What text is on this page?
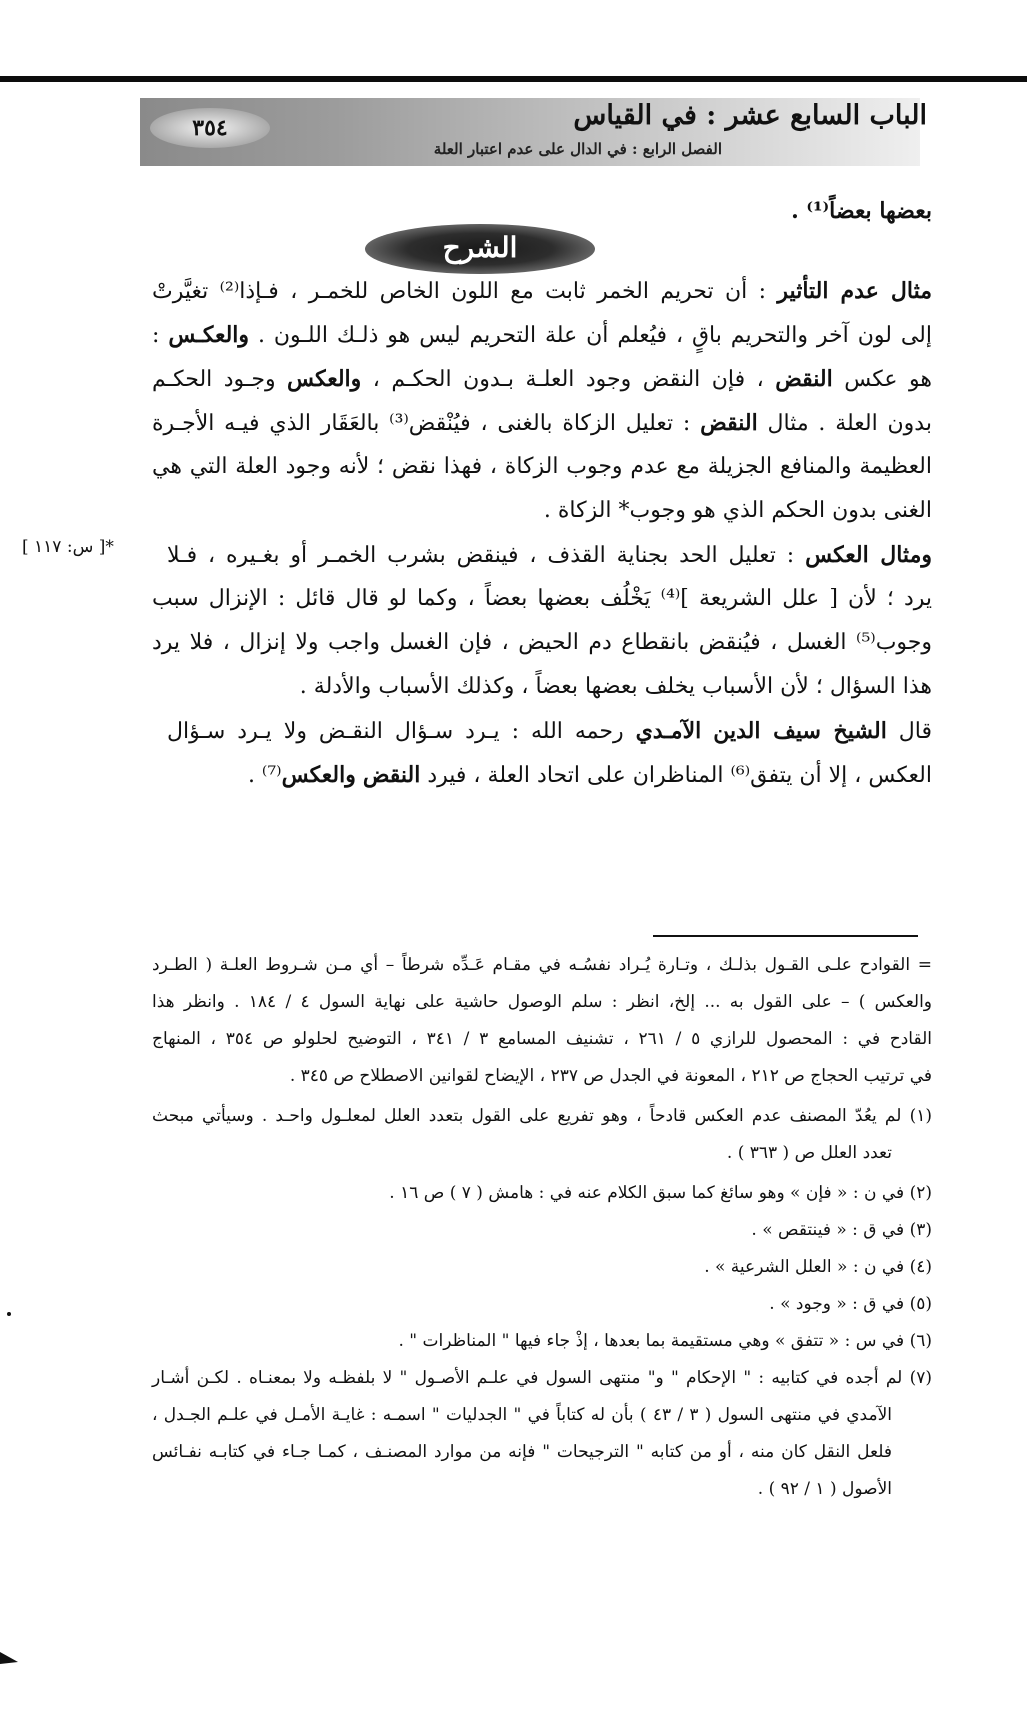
٣٥٤	الباب السابع عشر : في القياس
الفصل الرابع : في الدال على عدم اعتبار العلة
بعضها بعضاً⁽¹⁾ .
الشرح
مثال عدم التأثير : أن تحريم الخمر ثابت مع اللون الخاص للخمـر ، فـإذا⁽²⁾ تغيَّرتْ
إلى لون آخر والتحريم باقٍ ، فيُعلم أن علة التحريم ليس هو ذلـك اللـون . والعكـس :
هو عكس النقض ، فإن النقض وجود العلـة بـدون الحكـم ، والعكس وجـود الحكـم
بدون العلة . مثال النقض : تعليل الزكاة بالغنى ، فيُنْقض⁽³⁾ بالعَقَار الذي فيـه الأجـرة
العظيمة والمنافع الجزيلة مع عدم وجوب الزكاة ، فهذا نقض ؛ لأنه وجود العلة التي هي
الغنى بدون الحكم الذي هو وجوب* الزكاة .
ومثال العكس : تعليل الحد بجناية القذف ، فينقض بشرب الخمـر أو بغـيره ، فـلا
يرد ؛ لأن [ علل الشريعة ]⁽⁴⁾ يَخْلُف بعضها بعضاً ، وكما لو قال قائل : الإنزال سبب
وجوب⁽⁵⁾ الغسل ، فيُنقض بانقطاع دم الحيض ، فإن الغسل واجب ولا إنزال ، فلا يرد
هذا السؤال ؛ لأن الأسباب يخلف بعضها بعضاً ، وكذلك الأسباب والأدلة .
قال الشيخ سيف الدين الآمـدي رحمه الله : يـرد سـؤال النقـض ولا يـرد سـؤال
العكس ، إلا أن يتفق⁽⁶⁾ المناظران على اتحاد العلة ، فيرد النقض والعكس⁽⁷⁾ .
*[ س: ١١٧ ]
= القوادح علـى القـول بذلـك ، وتـارة يُـراد نفسُـه في مقـام عَـدِّه شرطاً – أي مـن شـروط العلـة ( الطـرد
والعكس ) – على القول به ... إلخ، انظر : سلم الوصول حاشية على نهاية السول ٤ / ١٨٤ . وانظر هذا
القادح في : المحصول للرازي ٥ / ٢٦١ ، تشنيف المسامع ٣ / ٣٤١ ، التوضيح لحلولو ص ٣٥٤ ، المنهاج
في ترتيب الحجاج ص ٢١٢ ، المعونة في الجدل ص ٢٣٧ ، الإيضاح لقوانين الاصطلاح ص ٣٤٥ .
(١) لم يعُدّ المصنف عدم العكس قادحاً ، وهو تفريع على القول بتعدد العلل لمعلـول واحـد . وسيأتي مبحث
تعدد العلل ص ( ٣٦٣ ) .
(٢) في ن : « فإن » وهو سائغ كما سبق الكلام عنه في : هامش ( ٧ ) ص ١٦ .
(٣) في ق : « فينتقص » .
(٤) في ن : « العلل الشرعية » .
(٥) في ق : « وجود » .
(٦) في س : « تتفق » وهي مستقيمة بما بعدها ، إذْ جاء فيها " المناظرات " .
(٧) لم أجده في كتابيه : " الإحكام " و" منتهى السول في علـم الأصـول " لا بلفظـه ولا بمعنـاه . لكـن أشـار
الآمدي في منتهى السول ( ٣ / ٤٣ ) بأن له كتاباً في " الجدليات " اسمـه : غايـة الأمـل في علـم الجـدل ،
فلعل النقل كان منه ، أو من كتابه " الترجيحات " فإنه من موارد المصنـف ، كمـا جـاء في كتابـه نفـائس
الأصول ( ١ / ٩٢ ) .
